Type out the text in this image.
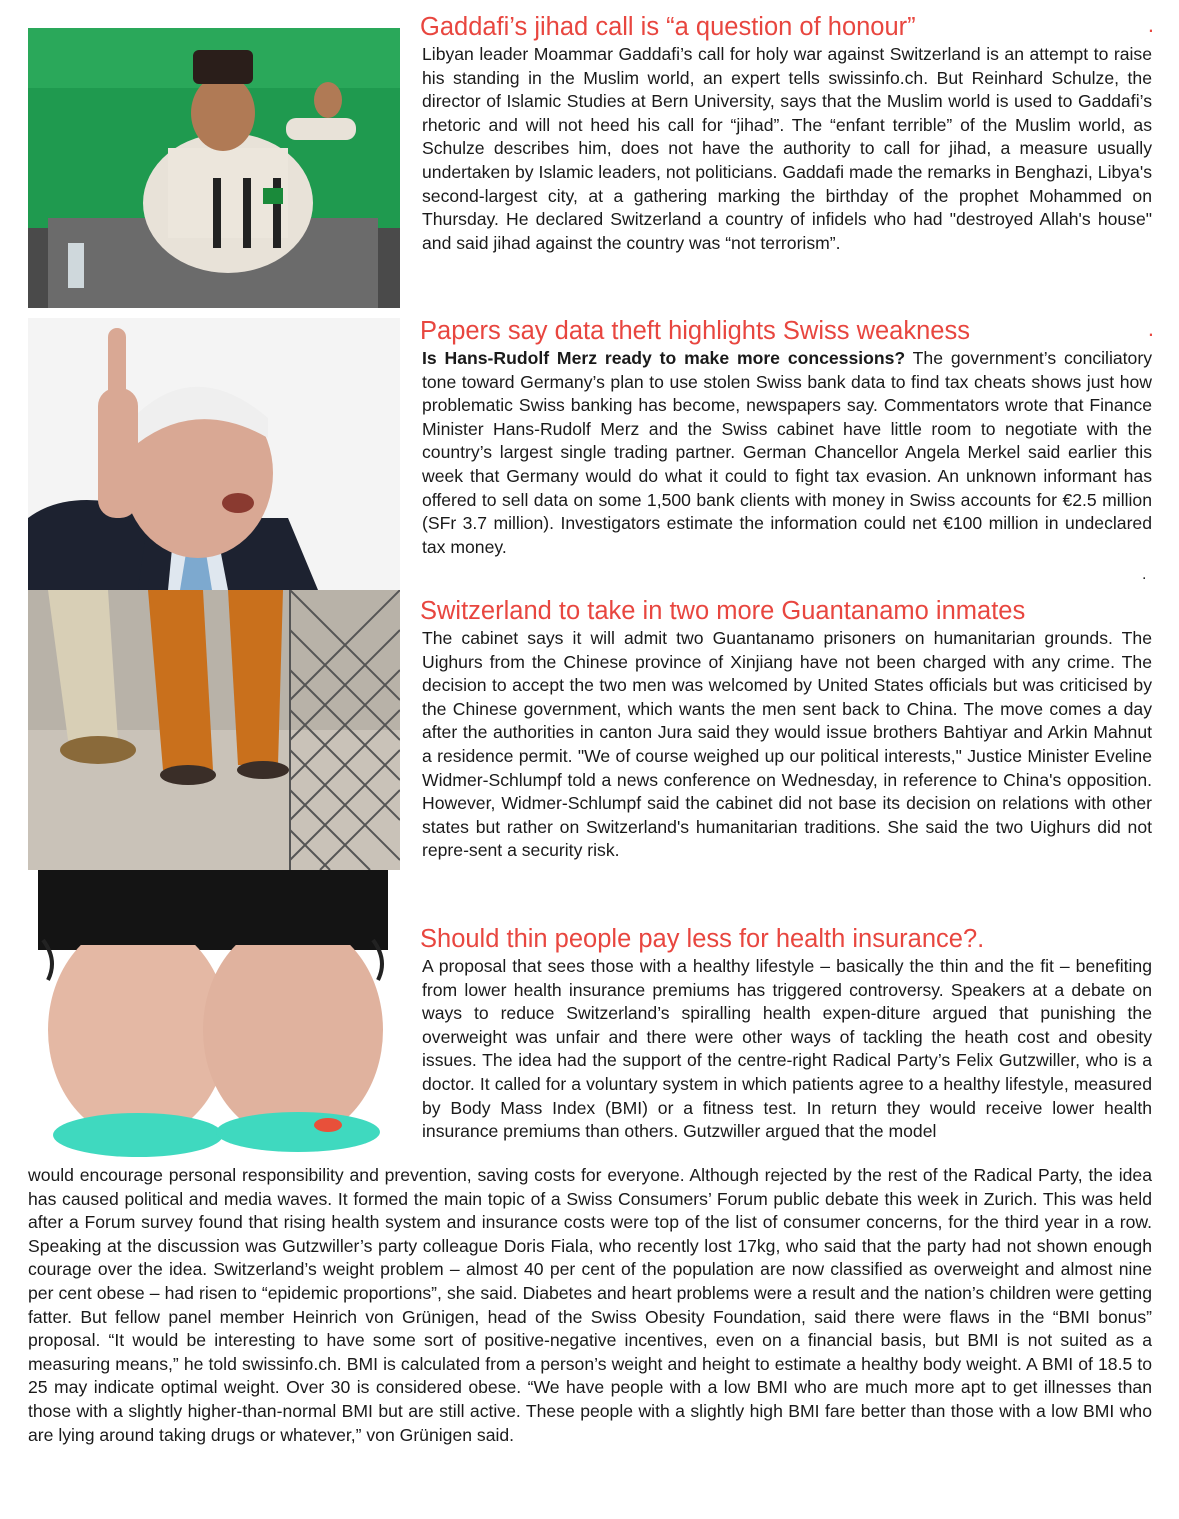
Gaddafi’s jihad call is “a question of honour”	.

Libyan leader Moammar Gaddafi’s call for holy war against Switzerland is an attempt to raise his standing in the Muslim world, an expert tells swissinfo.ch. But Reinhard Schulze, the director of Islamic Studies at Bern University, says that the Muslim world is used to Gaddafi’s rhetoric and will not heed his call for “jihad”. The “enfant terrible” of the Muslim world, as Schulze describes him, does not have the authority to call for jihad, a measure usually undertaken by Islamic leaders, not politicians. Gaddafi made the remarks in Benghazi, Libya's second-largest city, at a gathering marking the birthday of the prophet Mohammed on Thursday. He declared Switzerland a country of infidels who had "destroyed Allah's house" and said jihad against the country was “not terrorism”.

Papers say data theft highlights Swiss weakness	.

Is Hans-Rudolf Merz ready to make more concessions? The government’s conciliatory tone toward Germany’s plan to use stolen Swiss bank data to find tax cheats shows just how problematic Swiss banking has become, newspapers say. Commentators wrote that Finance Minister Hans-Rudolf Merz and the Swiss cabinet have little room to negotiate with the country’s largest single trading partner. German Chancellor Angela Merkel said earlier this week that Germany would do what it could to fight tax evasion. An unknown informant has offered to sell data on some 1,500 bank clients with money in Swiss accounts for €2.5 million (SFr 3.7 million). Investigators estimate the information could net €100 million in undeclared tax money.

Switzerland to take in two more Guantanamo inmates

The cabinet says it will admit two Guantanamo prisoners on humanitarian grounds. The Uighurs from the Chinese province of Xinjiang have not been charged with any crime. The decision to accept the two men was welcomed by United States officials but was criticised by the Chinese government, which wants the men sent back to China. The move comes a day after the authorities in canton Jura said they would issue brothers Bahtiyar and Arkin Mahnut a residence permit. "We of course weighed up our political interests," Justice Minister Eveline Widmer-Schlumpf told a news conference on Wednesday, in reference to China's opposition. However, Widmer-Schlumpf said the cabinet did not base its decision on relations with other states but rather on Switzerland's humanitarian traditions. She said the two Uighurs did not repre-sent a security risk.

Should thin people pay less for health insurance?.

A proposal that sees those with a healthy lifestyle – basically the thin and the fit – benefiting from lower health insurance premiums has triggered controversy. Speakers at a debate on ways to reduce Switzerland’s spiralling health expen-diture argued that punishing the overweight was unfair and there were other ways of tackling the heath cost and obesity issues. The idea had the support of the centre-right Radical Party’s Felix Gutzwiller, who is a doctor. It called for a voluntary system in which patients agree to a healthy lifestyle, measured by Body Mass Index (BMI) or a fitness test. In return they would receive lower health insurance premiums than others. Gutzwiller argued that the model

would encourage personal responsibility and prevention, saving costs for everyone. Although rejected by the rest of the Radical Party, the idea has caused political and media waves. It formed the main topic of a Swiss Consumers’ Forum public debate this week in Zurich. This was held after a Forum survey found that rising health system and insurance costs were top of the list of consumer concerns, for the third year in a row. Speaking at the discussion was Gutzwiller’s party colleague Doris Fiala, who recently lost 17kg, who said that the party had not shown enough courage over the idea. Switzerland’s weight problem – almost 40 per cent of the population are now classified as overweight and almost nine per cent obese – had risen to “epidemic proportions”, she said. Diabetes and heart problems were a result and the nation’s children were getting fatter. But fellow panel member Heinrich von Grünigen, head of the Swiss Obesity Foundation, said there were flaws in the “BMI bonus” proposal. “It would be interesting to have some sort of positive-negative incentives, even on a financial basis, but BMI is not suited as a measuring means,” he told swissinfo.ch. BMI is calculated from a person’s weight and height to estimate a healthy body weight. A BMI of 18.5 to 25 may indicate optimal weight. Over 30 is considered obese. “We have people with a low BMI who are much more apt to get illnesses than those with a slightly higher-than-normal BMI but are still active. These people with a slightly high BMI fare better than those with a low BMI who are lying around taking drugs or whatever,” von Grünigen said.

.
